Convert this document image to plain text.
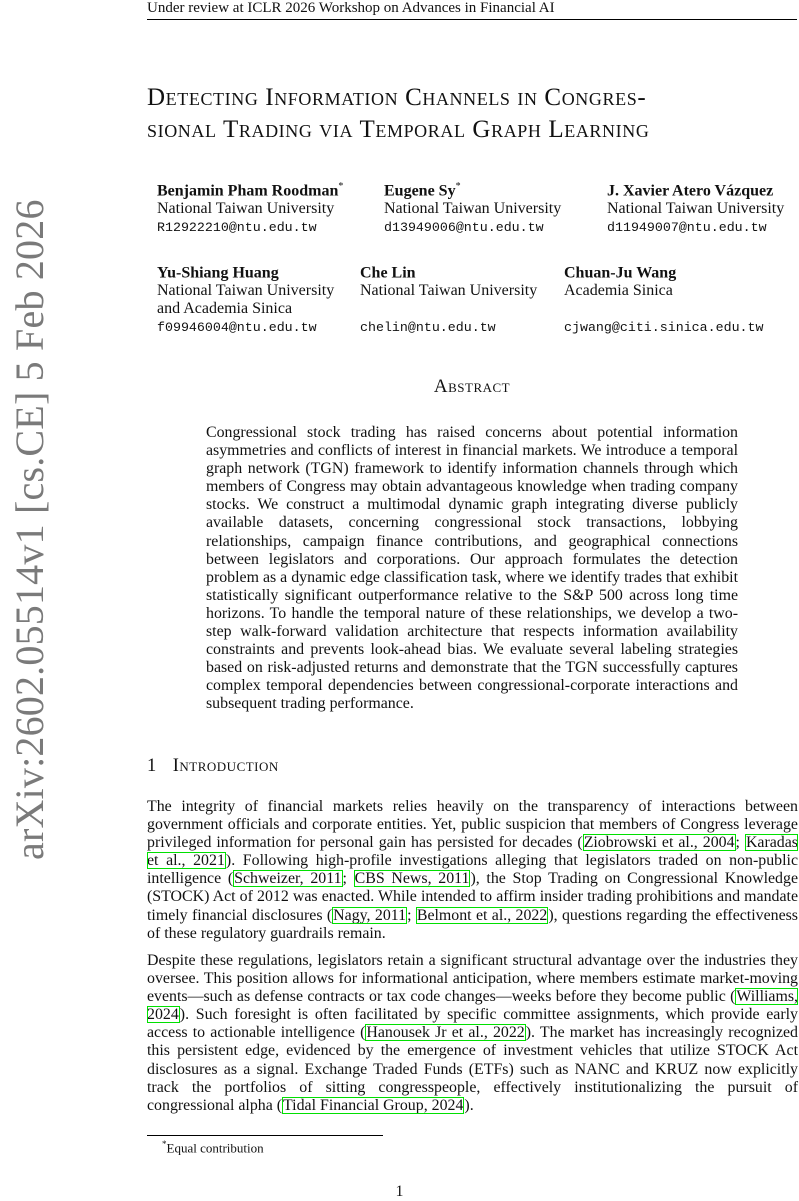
Under review at ICLR 2026 Workshop on Advances in Financial AI
arXiv:2602.05514v1 [cs.CE] 5 Feb 2026
Detecting Information Channels in Congres-
sional Trading via Temporal Graph Learning
Benjamin Pham Roodman*
National Taiwan University
R12922210@ntu.edu.tw
Eugene Sy*
National Taiwan University
d13949006@ntu.edu.tw
J. Xavier Atero Vázquez
National Taiwan University
d11949007@ntu.edu.tw
Yu-Shiang Huang
National Taiwan University
and Academia Sinica
f09946004@ntu.edu.tw
Che Lin
National Taiwan University
chelin@ntu.edu.tw
Chuan-Ju Wang
Academia Sinica
cjwang@citi.sinica.edu.tw
Abstract
Congressional stock trading has raised concerns about potential information asymmetries and conflicts of interest in financial markets. We introduce a temporal graph network (TGN) framework to identify information channels through which members of Congress may obtain advantageous knowledge when trading company stocks. We construct a multimodal dynamic graph integrating diverse publicly available datasets, concerning congressional stock transactions, lobbying relationships, campaign finance contributions, and geographical connections between legislators and corporations. Our approach formulates the detection problem as a dynamic edge classification task, where we identify trades that exhibit statistically significant outperformance relative to the S&P 500 across long time horizons. To handle the temporal nature of these relationships, we develop a two-step walk-forward validation architecture that respects information availability constraints and prevents look-ahead bias. We evaluate several labeling strategies based on risk-adjusted returns and demonstrate that the TGN successfully captures complex temporal dependencies between congressional-corporate interactions and subsequent trading performance.
1 Introduction
The integrity of financial markets relies heavily on the transparency of interactions between government officials and corporate entities. Yet, public suspicion that members of Congress leverage privileged information for personal gain has persisted for decades (Ziobrowski et al., 2004; Karadas et al., 2021). Following high-profile investigations alleging that legislators traded on non-public intelligence (Schweizer, 2011; CBS News, 2011), the Stop Trading on Congressional Knowledge (STOCK) Act of 2012 was enacted. While intended to affirm insider trading prohibitions and mandate timely financial disclosures (Nagy, 2011; Belmont et al., 2022), questions regarding the effectiveness of these regulatory guardrails remain.
Despite these regulations, legislators retain a significant structural advantage over the industries they oversee. This position allows for informational anticipation, where members estimate market-moving events—such as defense contracts or tax code changes—weeks before they become public (Williams, 2024). Such foresight is often facilitated by specific committee assignments, which provide early access to actionable intelligence (Hanousek Jr et al., 2022). The market has increasingly recognized this persistent edge, evidenced by the emergence of investment vehicles that utilize STOCK Act disclosures as a signal. Exchange Traded Funds (ETFs) such as NANC and KRUZ now explicitly track the portfolios of sitting congresspeople, effectively institutionalizing the pursuit of congressional alpha (Tidal Financial Group, 2024).
*Equal contribution
1
